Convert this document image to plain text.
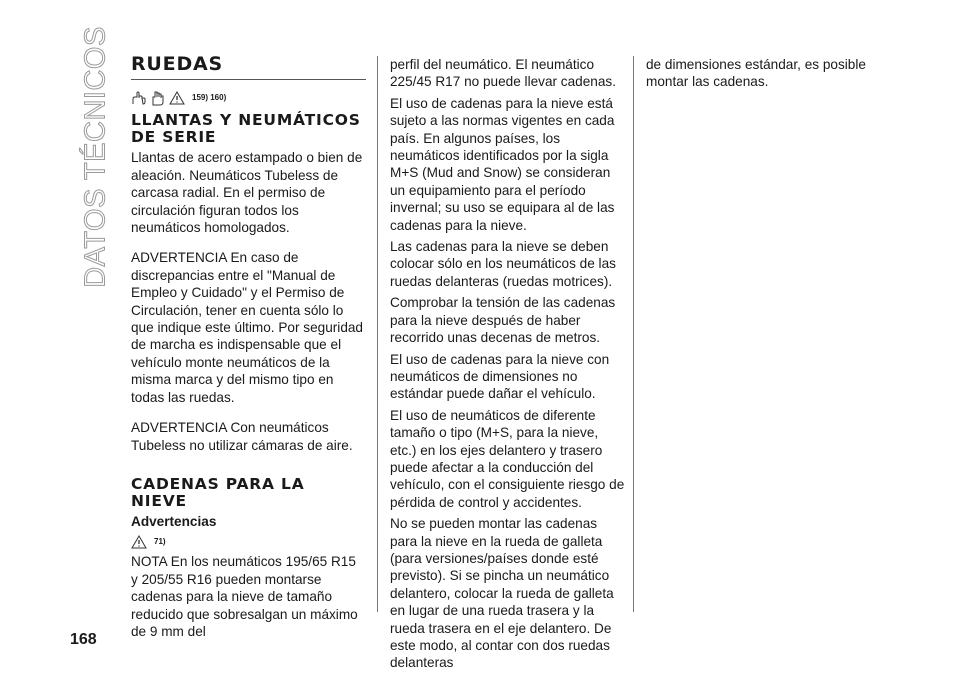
DATOS TÉCNICOS RUEDAS
159) 160)
LLANTAS Y NEUMÁTICOS DE SERIE

Llantas de acero estampado o bien de aleación. Neumáticos Tubeless de carcasa radial. En el permiso de circulación figuran todos los neumáticos homologados.

ADVERTENCIA En caso de discrepancias entre el "Manual de Empleo y Cuidado" y el Permiso de Circulación, tener en cuenta sólo lo que indique este último. Por seguridad de marcha es indispensable que el vehículo monte neumáticos de la misma marca y del mismo tipo en todas las ruedas.

ADVERTENCIA Con neumáticos Tubeless no utilizar cámaras de aire.

CADENAS PARA LA NIEVE
Advertencias
71)

NOTA En los neumáticos 195/65 R15 y 205/55 R16 pueden montarse cadenas para la nieve de tamaño reducido que sobresalgan un máximo de 9 mm del

perfil del neumático. El neumático 225/45 R17 no puede llevar cadenas.

El uso de cadenas para la nieve está sujeto a las normas vigentes en cada país. En algunos países, los neumáticos identificados por la sigla M+S (Mud and Snow) se consideran un equipamiento para el período invernal; su uso se equipara al de las cadenas para la nieve.

Las cadenas para la nieve se deben colocar sólo en los neumáticos de las ruedas delanteras (ruedas motrices).

Comprobar la tensión de las cadenas para la nieve después de haber recorrido unas decenas de metros.

El uso de cadenas para la nieve con neumáticos de dimensiones no estándar puede dañar el vehículo.

El uso de neumáticos de diferente tamaño o tipo (M+S, para la nieve, etc.) en los ejes delantero y trasero puede afectar a la conducción del vehículo, con el consiguiente riesgo de pérdida de control y accidentes.

No se pueden montar las cadenas para la nieve en la rueda de galleta (para versiones/países donde esté previsto). Si se pincha un neumático delantero, colocar la rueda de galleta en lugar de una rueda trasera y la rueda trasera en el eje delantero. De este modo, al contar con dos ruedas delanteras

de dimensiones estándar, es posible montar las cadenas.

168
